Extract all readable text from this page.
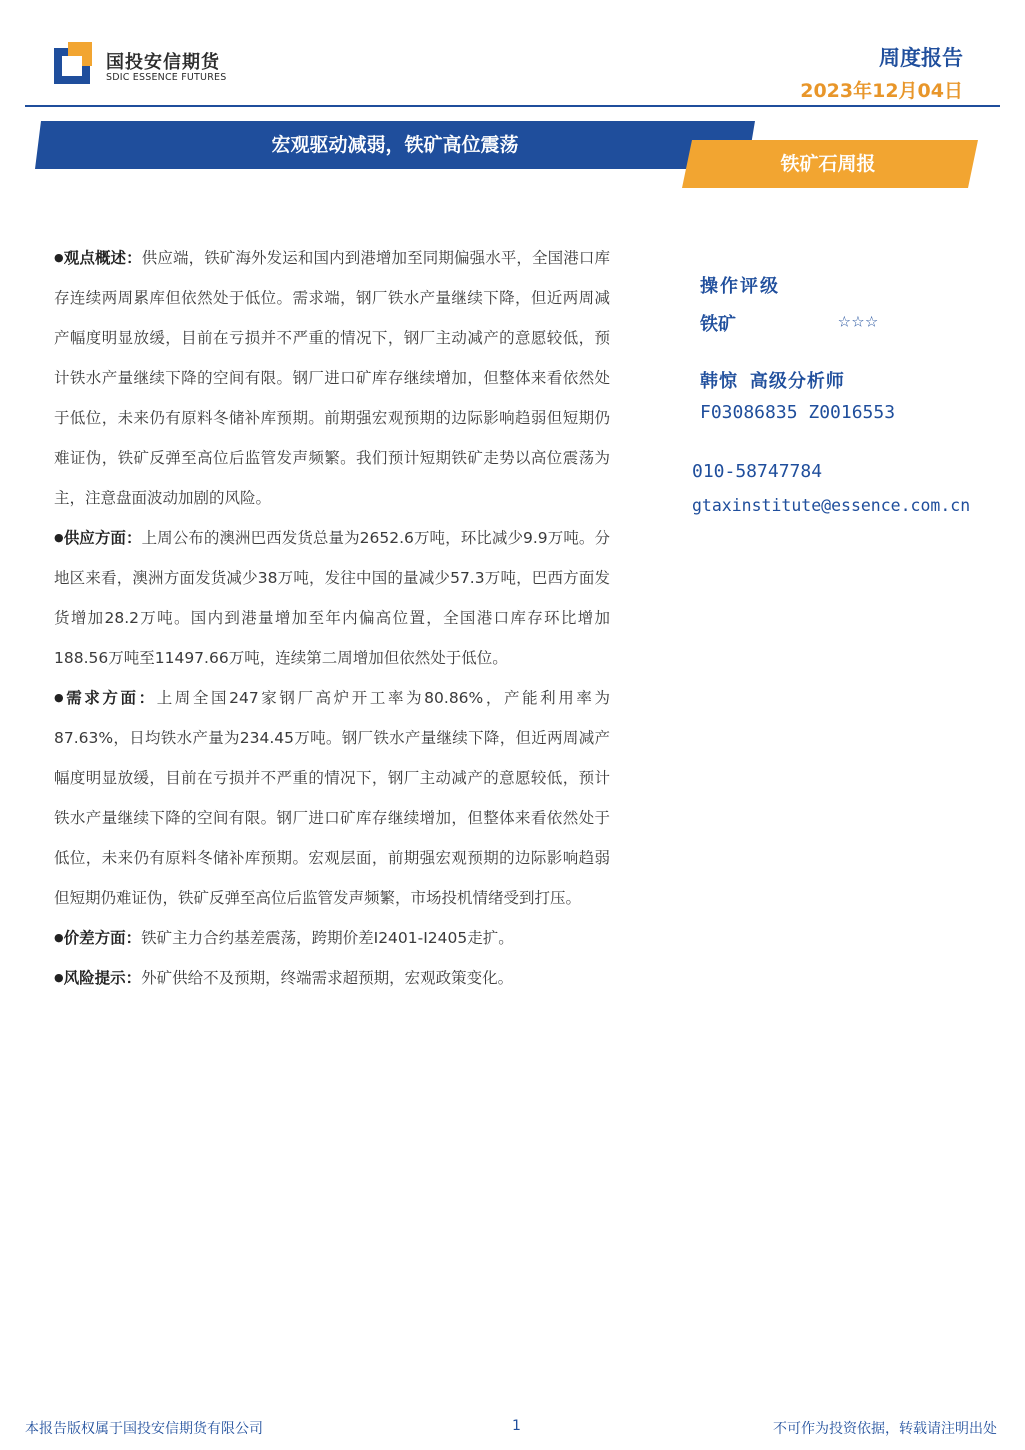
国投安信期货
SDIC ESSENCE FUTURES
周度报告
2023年12月04日
宏观驱动减弱，铁矿高位震荡
铁矿石周报

●观点概述：供应端，铁矿海外发运和国内到港增加至同期偏强水平，全国港口库存连续两周累库但依然处于低位。需求端，钢厂铁水产量继续下降，但近两周减产幅度明显放缓，目前在亏损并不严重的情况下，钢厂主动减产的意愿较低，预计铁水产量继续下降的空间有限。钢厂进口矿库存继续增加，但整体来看依然处于低位，未来仍有原料冬储补库预期。前期强宏观预期的边际影响趋弱但短期仍难证伪，铁矿反弹至高位后监管发声频繁。我们预计短期铁矿走势以高位震荡为主，注意盘面波动加剧的风险。

●供应方面：上周公布的澳洲巴西发货总量为2652.6万吨，环比减少9.9万吨。分地区来看，澳洲方面发货减少38万吨，发往中国的量减少57.3万吨，巴西方面发货增加28.2万吨。国内到港量增加至年内偏高位置，全国港口库存环比增加188.56万吨至11497.66万吨，连续第二周增加但依然处于低位。

●需求方面：上周全国247家钢厂高炉开工率为80.86%，产能利用率为87.63%，日均铁水产量为234.45万吨。钢厂铁水产量继续下降，但近两周减产幅度明显放缓，目前在亏损并不严重的情况下，钢厂主动减产的意愿较低，预计铁水产量继续下降的空间有限。钢厂进口矿库存继续增加，但整体来看依然处于低位，未来仍有原料冬储补库预期。宏观层面，前期强宏观预期的边际影响趋弱但短期仍难证伪，铁矿反弹至高位后监管发声频繁，市场投机情绪受到打压。

●价差方面：铁矿主力合约基差震荡，跨期价差I2401-I2405走扩。

●风险提示：外矿供给不及预期，终端需求超预期，宏观政策变化。

操作评级
铁矿	☆☆☆
韩惊 高级分析师
F03086835 Z0016553
010-58747784
gtaxinstitute@essence.com.cn
本报告版权属于国投安信期货有限公司	1	不可作为投资依据，转载请注明出处
